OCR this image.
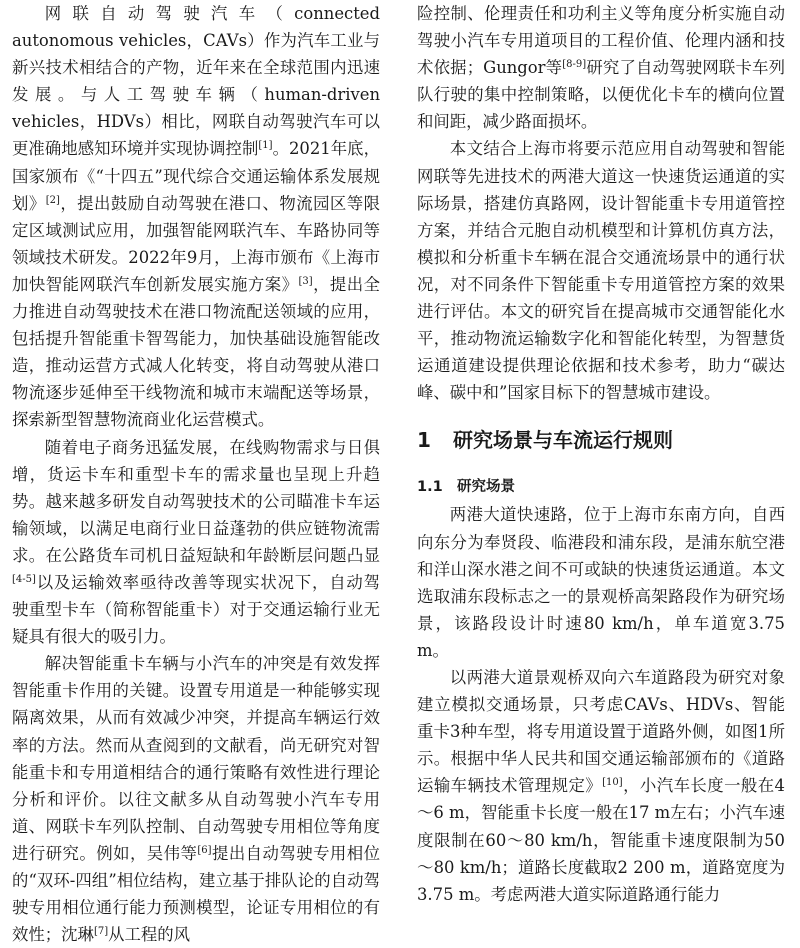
网联自动驾驶汽车（connected autonomous vehicles，CAVs）作为汽车工业与新兴技术相结合的产物，近年来在全球范围内迅速发展。与人工驾驶车辆（human-driven vehicles，HDVs）相比，网联自动驾驶汽车可以更准确地感知环境并实现协调控制[1]。2021年底，国家颁布《“十四五”现代综合交通运输体系发展规划》[2]，提出鼓励自动驾驶在港口、物流园区等限定区域测试应用，加强智能网联汽车、车路协同等领域技术研发。2022年9月，上海市颁布《上海市加快智能网联汽车创新发展实施方案》[3]，提出全力推进自动驾驶技术在港口物流配送领域的应用，包括提升智能重卡智驾能力，加快基础设施智能改造，推动运营方式减人化转变，将自动驾驶从港口物流逐步延伸至干线物流和城市末端配送等场景，探索新型智慧物流商业化运营模式。

随着电子商务迅猛发展，在线购物需求与日俱增，货运卡车和重型卡车的需求量也呈现上升趋势。越来越多研发自动驾驶技术的公司瞄准卡车运输领域，以满足电商行业日益蓬勃的供应链物流需求。在公路货车司机日益短缺和年龄断层问题凸显[4-5]以及运输效率亟待改善等现实状况下，自动驾驶重型卡车（简称智能重卡）对于交通运输行业无疑具有很大的吸引力。

解决智能重卡车辆与小汽车的冲突是有效发挥智能重卡作用的关键。设置专用道是一种能够实现隔离效果，从而有效减少冲突，并提高车辆运行效率的方法。然而从查阅到的文献看，尚无研究对智能重卡和专用道相结合的通行策略有效性进行理论分析和评价。以往文献多从自动驾驶小汽车专用道、网联卡车列队控制、自动驾驶专用相位等角度进行研究。例如，吴伟等[6]提出自动驾驶专用相位的“双环-四组”相位结构，建立基于排队论的自动驾驶专用相位通行能力预测模型，论证专用相位的有效性；沈琳[7]从工程的风

险控制、伦理责任和功利主义等角度分析实施自动驾驶小汽车专用道项目的工程价值、伦理内涵和技术依据；Gungor等[8-9]研究了自动驾驶网联卡车列队行驶的集中控制策略，以便优化卡车的横向位置和间距，减少路面损坏。

本文结合上海市将要示范应用自动驾驶和智能网联等先进技术的两港大道这一快速货运通道的实际场景，搭建仿真路网，设计智能重卡专用道管控方案，并结合元胞自动机模型和计算机仿真方法，模拟和分析重卡车辆在混合交通流场景中的通行状况，对不同条件下智能重卡专用道管控方案的效果进行评估。本文的研究旨在提高城市交通智能化水平，推动物流运输数字化和智能化转型，为智慧货运通道建设提供理论依据和技术参考，助力“碳达峰、碳中和”国家目标下的智慧城市建设。

1 研究场景与车流运行规则
1.1 研究场景

两港大道快速路，位于上海市东南方向，自西向东分为奉贤段、临港段和浦东段，是浦东航空港和洋山深水港之间不可或缺的快速货运通道。本文选取浦东段标志之一的景观桥高架路段作为研究场景，该路段设计时速80 km/h，单车道宽3.75 m。

以两港大道景观桥双向六车道路段为研究对象建立模拟交通场景，只考虑CAVs、HDVs、智能重卡3种车型，将专用道设置于道路外侧，如图1所示。根据中华人民共和国交通运输部颁布的《道路运输车辆技术管理规定》[10]，小汽车长度一般在4～6 m，智能重卡长度一般在17 m左右；小汽车速度限制在60～80 km/h，智能重卡速度限制为50～80 km/h；道路长度截取2 200 m，道路宽度为3.75 m。考虑两港大道实际道路通行能力
